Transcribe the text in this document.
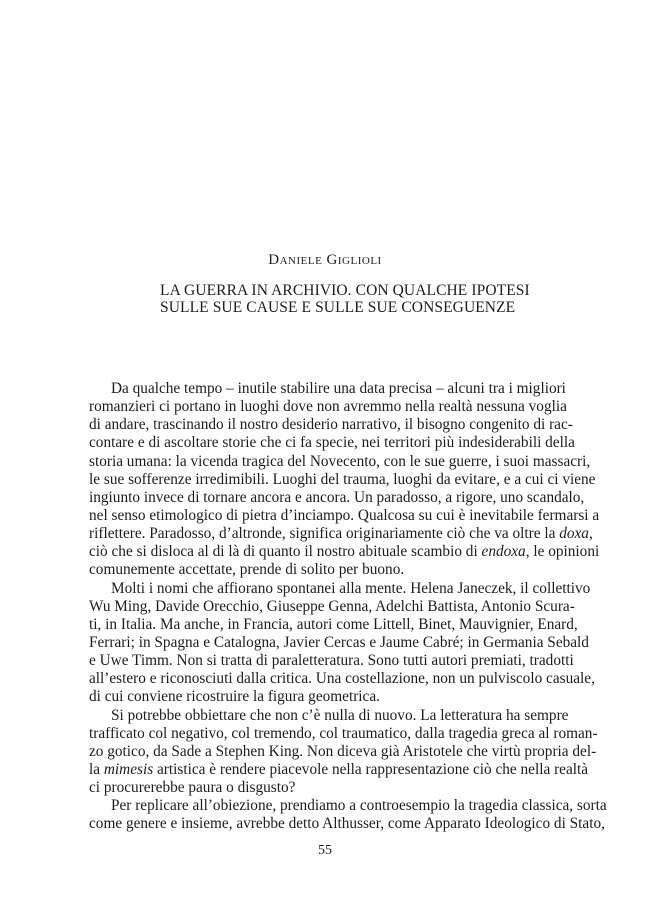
Daniele Giglioli
LA GUERRA IN ARCHIVIO. CON QUALCHE IPOTESI
SULLE SUE CAUSE E SULLE SUE CONSEGUENZE
Da qualche tempo – inutile stabilire una data precisa – alcuni tra i migliori
romanzieri ci portano in luoghi dove non avremmo nella realtà nessuna voglia
di andare, trascinando il nostro desiderio narrativo, il bisogno congenito di rac-
contare e di ascoltare storie che ci fa specie, nei territori più indesiderabili della
storia umana: la vicenda tragica del Novecento, con le sue guerre, i suoi massacri,
le sue sofferenze irredimibili. Luoghi del trauma, luoghi da evitare, e a cui ci viene
ingiunto invece di tornare ancora e ancora. Un paradosso, a rigore, uno scandalo,
nel senso etimologico di pietra d’inciampo. Qualcosa su cui è inevitabile fermarsi a
riflettere. Paradosso, d’altronde, significa originariamente ciò che va oltre la doxa,
ciò che si disloca al di là di quanto il nostro abituale scambio di endoxa, le opinioni
comunemente accettate, prende di solito per buono.
Molti i nomi che affiorano spontanei alla mente. Helena Janeczek, il collettivo
Wu Ming, Davide Orecchio, Giuseppe Genna, Adelchi Battista, Antonio Scura-
ti, in Italia. Ma anche, in Francia, autori come Littell, Binet, Mauvignier, Enard,
Ferrari; in Spagna e Catalogna, Javier Cercas e Jaume Cabré; in Germania Sebald
e Uwe Timm. Non si tratta di paraletteratura. Sono tutti autori premiati, tradotti
all’estero e riconosciuti dalla critica. Una costellazione, non un pulviscolo casuale,
di cui conviene ricostruire la figura geometrica.
Si potrebbe obbiettare che non c’è nulla di nuovo. La letteratura ha sempre
trafficato col negativo, col tremendo, col traumatico, dalla tragedia greca al roman-
zo gotico, da Sade a Stephen King. Non diceva già Aristotele che virtù propria del-
la mimesis artistica è rendere piacevole nella rappresentazione ciò che nella realtà
ci procurerebbe paura o disgusto?
Per replicare all’obiezione, prendiamo a controesempio la tragedia classica, sorta
come genere e insieme, avrebbe detto Althusser, come Apparato Ideologico di Stato,
55
